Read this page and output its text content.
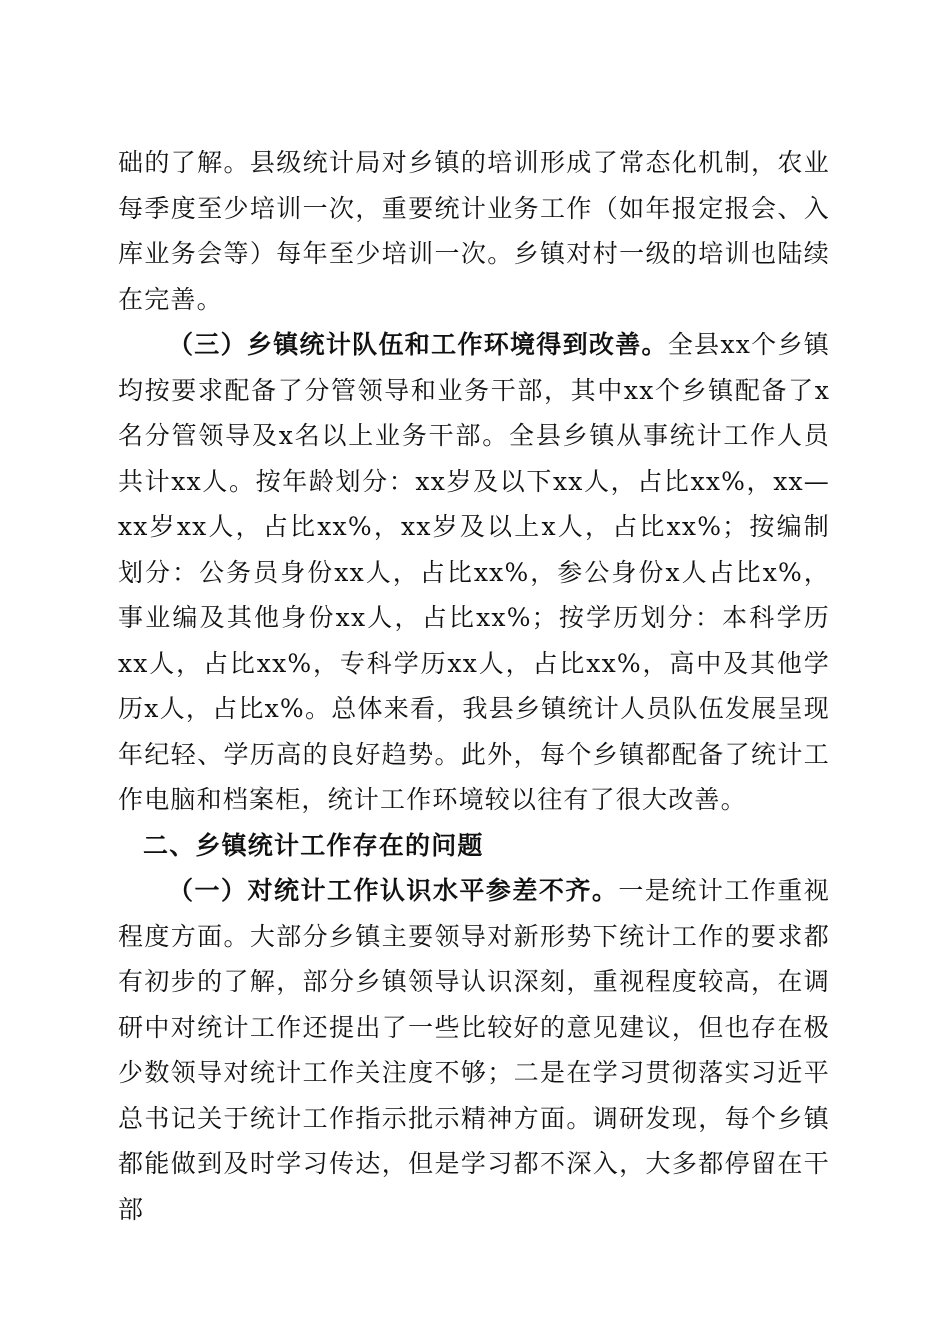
础的了解。县级统计局对乡镇的培训形成了常态化机制，农业每季度至少培训一次，重要统计业务工作（如年报定报会、入库业务会等）每年至少培训一次。乡镇对村一级的培训也陆续在完善。

（三）乡镇统计队伍和工作环境得到改善。全县xx个乡镇均按要求配备了分管领导和业务干部，其中xx个乡镇配备了x名分管领导及x名以上业务干部。全县乡镇从事统计工作人员共计xx人。按年龄划分：xx岁及以下xx人，占比xx%，xx—xx岁xx人，占比xx%，xx岁及以上x人，占比xx%；按编制划分：公务员身份xx人，占比xx%，参公身份x人占比x%，事业编及其他身份xx人，占比xx%；按学历划分：本科学历xx人，占比xx%，专科学历xx人，占比xx%，高中及其他学历x人，占比x%。总体来看，我县乡镇统计人员队伍发展呈现年纪轻、学历高的良好趋势。此外，每个乡镇都配备了统计工作电脑和档案柜，统计工作环境较以往有了很大改善。

二、乡镇统计工作存在的问题

（一）对统计工作认识水平参差不齐。一是统计工作重视程度方面。大部分乡镇主要领导对新形势下统计工作的要求都有初步的了解，部分乡镇领导认识深刻，重视程度较高，在调研中对统计工作还提出了一些比较好的意见建议，但也存在极少数领导对统计工作关注度不够；二是在学习贯彻落实习近平总书记关于统计工作指示批示精神方面。调研发现，每个乡镇都能做到及时学习传达，但是学习都不深入，大多都停留在干部
